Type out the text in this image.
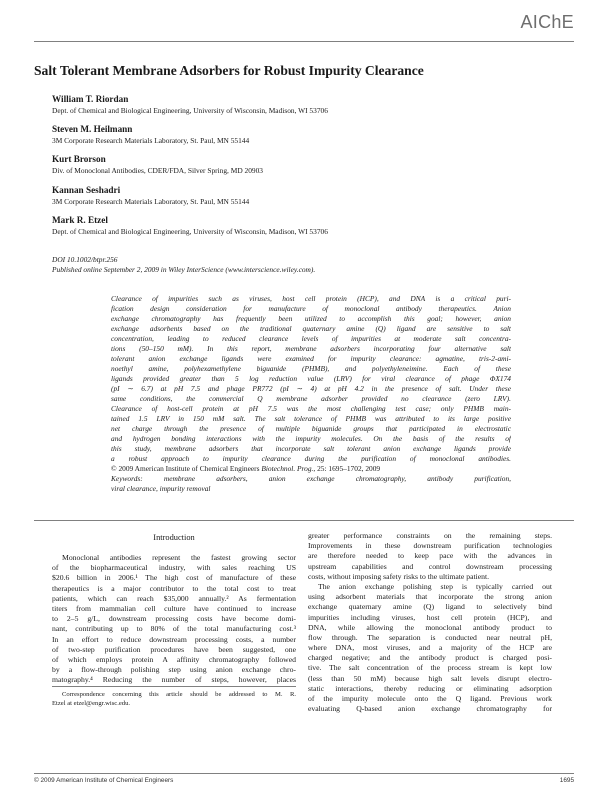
AIChE
Salt Tolerant Membrane Adsorbers for Robust Impurity Clearance
William T. Riordan
Dept. of Chemical and Biological Engineering, University of Wisconsin, Madison, WI 53706
Steven M. Heilmann
3M Corporate Research Materials Laboratory, St. Paul, MN 55144
Kurt Brorson
Div. of Monoclonal Antibodies, CDER/FDA, Silver Spring, MD 20903
Kannan Seshadri
3M Corporate Research Materials Laboratory, St. Paul, MN 55144
Mark R. Etzel
Dept. of Chemical and Biological Engineering, University of Wisconsin, Madison, WI 53706
DOI 10.1002/btpr.256
Published online September 2, 2009 in Wiley InterScience (www.interscience.wiley.com).
Clearance of impurities such as viruses, host cell protein (HCP), and DNA is a critical puri-
fication design consideration for manufacture of monoclonal antibody therapeutics. Anion
exchange chromatography has frequently been utilized to accomplish this goal; however, anion
exchange adsorbents based on the traditional quaternary amine (Q) ligand are sensitive to salt
concentration, leading to reduced clearance levels of impurities at moderate salt concentra-
tions (50–150 mM). In this report, membrane adsorbers incorporating four alternative salt
tolerant anion exchange ligands were examined for impurity clearance: agmatine, tris-2-ami-
noethyl amine, polyhexamethylene biguanide (PHMB), and polyethyleneimine. Each of these
ligands provided greater than 5 log reduction value (LRV) for viral clearance of phage ΦX174
(pI ∼ 6.7) at pH 7.5 and phage PR772 (pI ∼ 4) at pH 4.2 in the presence of salt. Under these
same conditions, the commercial Q membrane adsorber provided no clearance (zero LRV).
Clearance of host-cell protein at pH 7.5 was the most challenging test case; only PHMB main-
tained 1.5 LRV in 150 mM salt. The salt tolerance of PHMB was attributed to its large positive
net charge through the presence of multiple biguanide groups that participated in electrostatic
and hydrogen bonding interactions with the impurity molecules. On the basis of the results of
this study, membrane adsorbers that incorporate salt tolerant anion exchange ligands provide
a robust approach to impurity clearance during the purification of monoclonal antibodies.
© 2009 American Institute of Chemical Engineers Biotechnol. Prog., 25: 1695–1702, 2009
Keywords: membrane adsorbers, anion exchange chromatography, antibody purification,
viral clearance, impurity removal
Introduction
Monoclonal antibodies represent the fastest growing sector
of the biopharmaceutical industry, with sales reaching US
$20.6 billion in 2006.¹ The high cost of manufacture of these
therapeutics is a major contributor to the total cost to treat
patients, which can reach $35,000 annually.² As fermentation
titers from mammalian cell culture have continued to increase
to 2–5 g/L, downstream processing costs have become domi-
nant, contributing up to 80% of the total manufacturing cost.³
In an effort to reduce downstream processing costs, a number
of two-step purification procedures have been suggested, one
of which employs protein A affinity chromatography followed
by a flow-through polishing step using anion exchange chro-
matography.⁴ Reducing the number of steps, however, places
Correspondence concerning this article should be addressed to M. R.
Etzel at etzel@engr.wisc.edu.
greater performance constraints on the remaining steps.
Improvements in these downstream purification technologies
are therefore needed to keep pace with the advances in
upstream capabilities and control downstream processing
costs, without imposing safety risks to the ultimate patient.
The anion exchange polishing step is typically carried out
using adsorbent materials that incorporate the strong anion
exchange quaternary amine (Q) ligand to selectively bind
impurities including viruses, host cell protein (HCP), and
DNA, while allowing the monoclonal antibody product to
flow through. The separation is conducted near neutral pH,
where DNA, most viruses, and a majority of the HCP are
charged negative; and the antibody product is charged posi-
tive. The salt concentration of the process stream is kept low
(less than 50 mM) because high salt levels disrupt electro-
static interactions, thereby reducing or eliminating adsorption
of the impurity molecule onto the Q ligand. Previous work
evaluating Q-based anion exchange chromatography for
© 2009 American Institute of Chemical Engineers	1695
